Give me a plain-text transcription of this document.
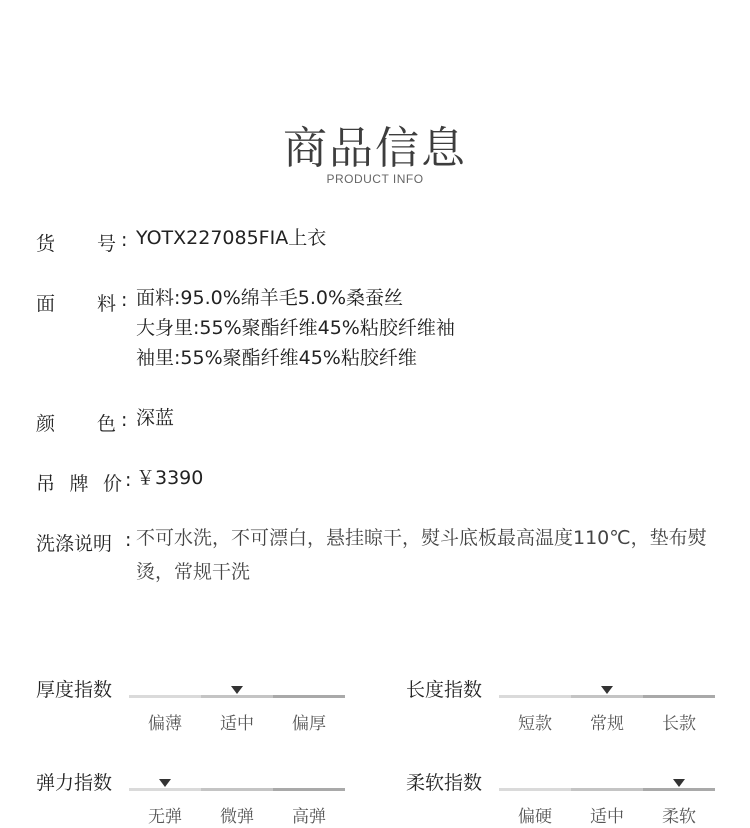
商品信息
PRODUCT INFO
货 号 : YOTX227085FIA上衣
面 料 : 面料:95.0%绵羊毛5.0%桑蚕丝
大身里:55%聚酯纤维45%粘胶纤维袖
袖里:55%聚酯纤维45%粘胶纤维
颜 色 : 深蓝
吊 牌 价 : ￥3390
洗涤说明 : 不可水洗，不可漂白，悬挂晾干，熨斗底板最高温度110℃，垫布熨烫，常规干洗
厚度指数
偏薄	适中	偏厚
长度指数
短款	常规	长款
弹力指数
无弹	微弹	高弹
柔软指数
偏硬	适中	柔软
